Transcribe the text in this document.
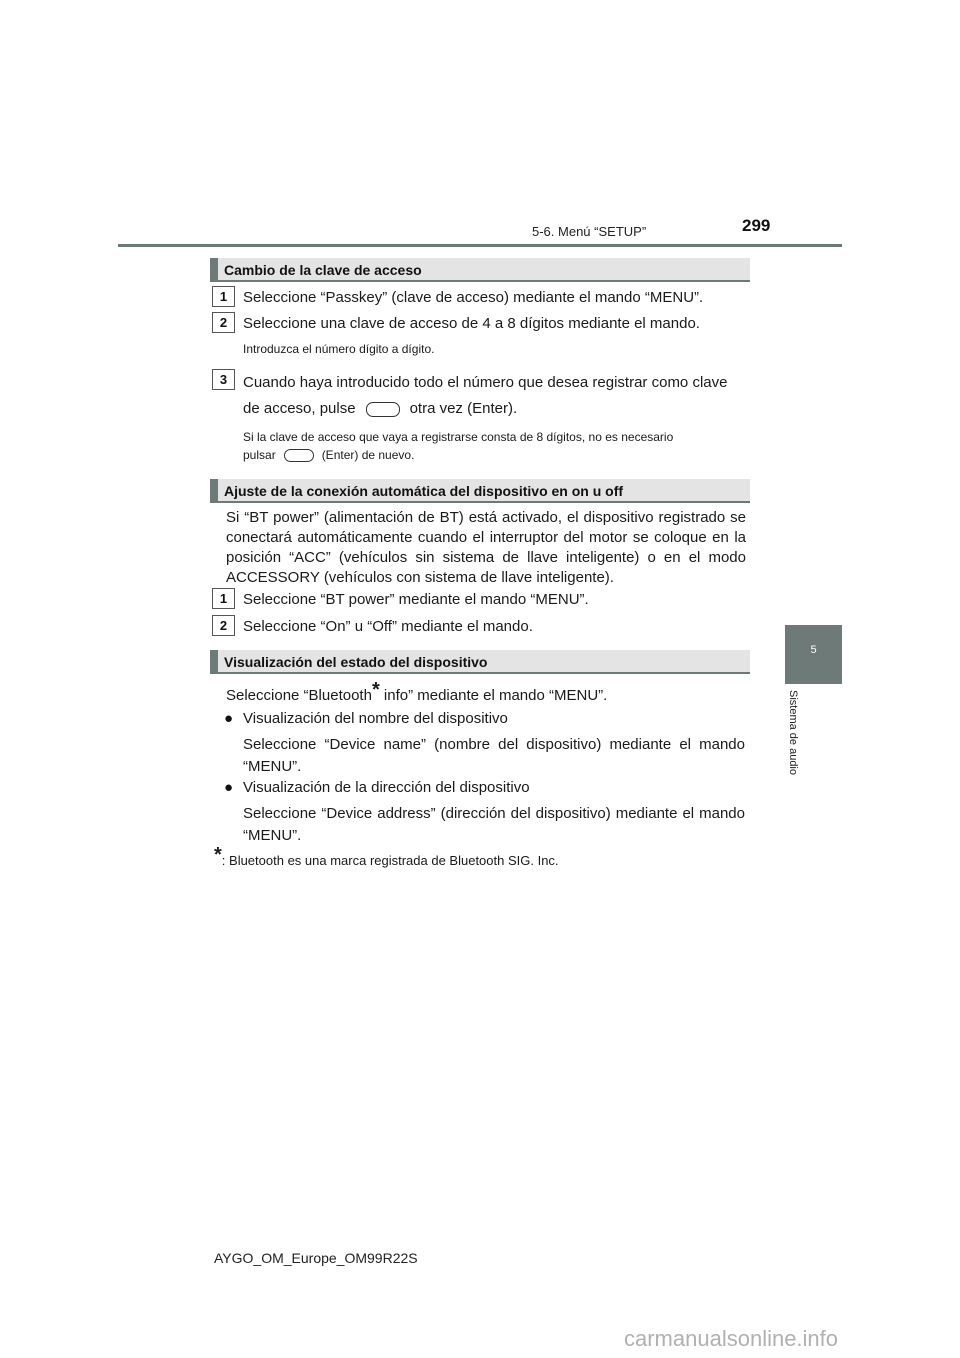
5-6. Menú “SETUP”	299
5
Sistema de audio
Cambio de la clave de acceso
1	Seleccione “Passkey” (clave de acceso) mediante el mando “MENU”.
2	Seleccione una clave de acceso de 4 a 8 dígitos mediante el mando.
Introduzca el número dígito a dígito.
3	Cuando haya introducido todo el número que desea registrar como clave
de acceso, pulse	otra vez (Enter).
Si la clave de acceso que vaya a registrarse consta de 8 dígitos, no es necesario
pulsar	(Enter) de nuevo.
Ajuste de la conexión automática del dispositivo en on u off
Si “BT power” (alimentación de BT) está activado, el dispositivo registrado se conectará automáticamente cuando el interruptor del motor se coloque en la posición “ACC” (vehículos sin sistema de llave inteligente) o en el modo ACCESSORY (vehículos con sistema de llave inteligente).
1	Seleccione “BT power” mediante el mando “MENU”.
2	Seleccione “On” u “Off” mediante el mando.
Visualización del estado del dispositivo
Seleccione “Bluetooth* info” mediante el mando “MENU”.
● Visualización del nombre del dispositivo
Seleccione “Device name” (nombre del dispositivo) mediante el mando “MENU”.
● Visualización de la dirección del dispositivo
Seleccione “Device address” (dirección del dispositivo) mediante el mando “MENU”.
*: Bluetooth es una marca registrada de Bluetooth SIG. Inc.
AYGO_OM_Europe_OM99R22S
carmanualsonline.info
